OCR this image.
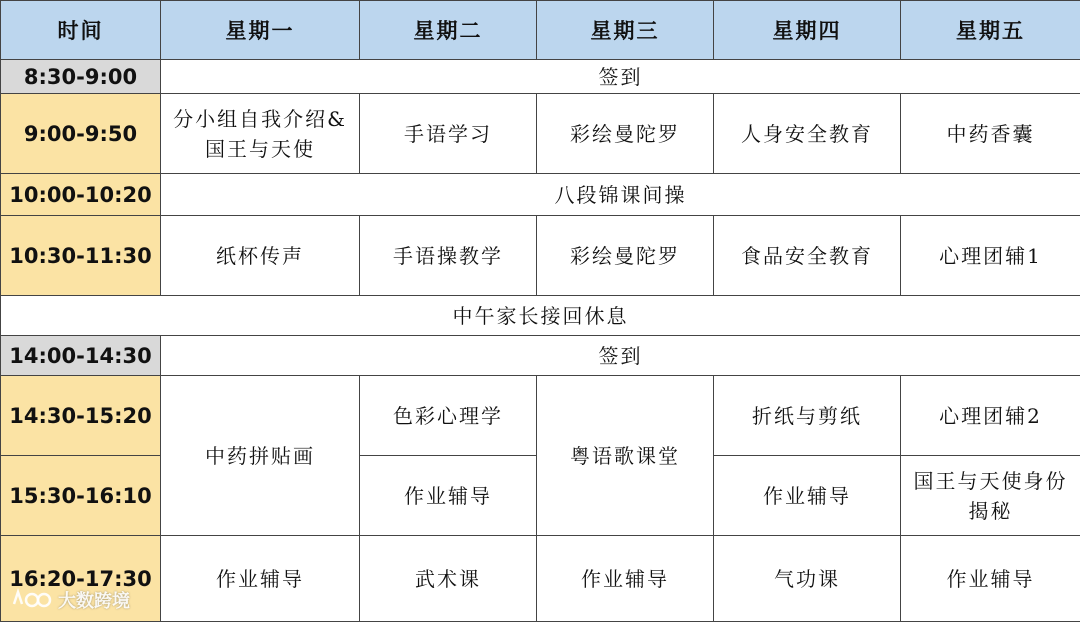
时间	星期一	星期二	星期三	星期四	星期五
8:30-9:00	签到				
9:00-9:50	分小组自我介绍&国王与天使	手语学习	彩绘曼陀罗	人身安全教育	中药香囊
10:00-10:20	八段锦课间操				
10:30-11:30	纸杯传声	手语操教学	彩绘曼陀罗	食品安全教育	心理团辅1
中午家长接回休息					
14:00-14:30	签到				
14:30-15:20	中药拼贴画	色彩心理学	粤语歌课堂	折纸与剪纸	心理团辅2
15:30-16:10		作业辅导		作业辅导	国王与天使身份揭秘
16:20-17:30	作业辅导	武术课	作业辅导	气功课	作业辅导
大数跨境
